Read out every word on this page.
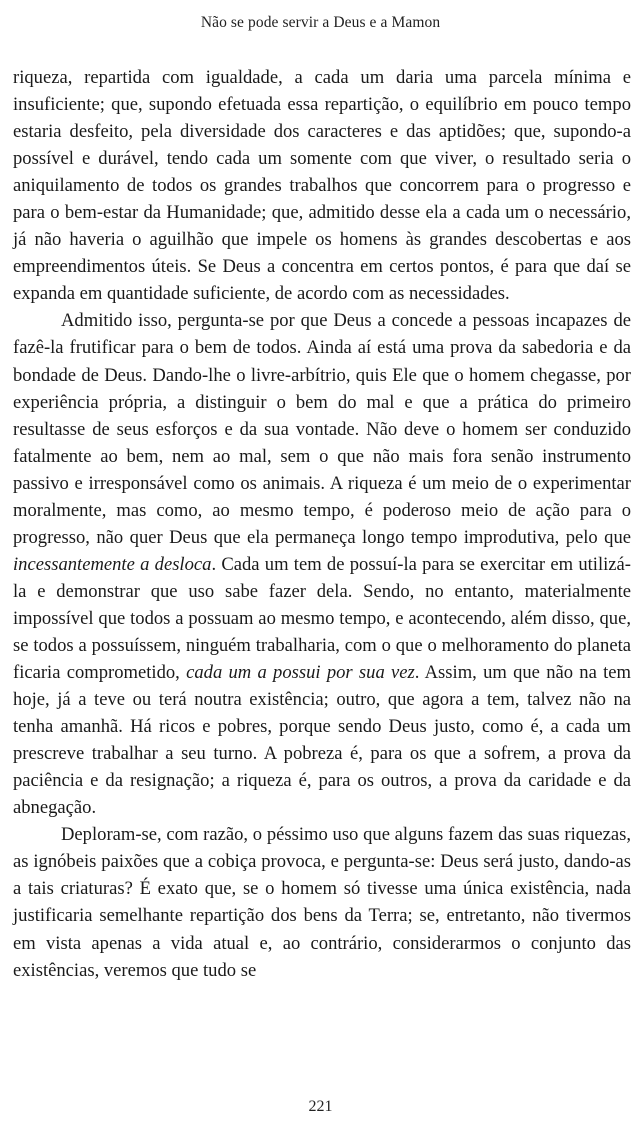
Não se pode servir a Deus e a Mamon

riqueza, repartida com igualdade, a cada um daria uma parcela mínima e insuficiente; que, supondo efetuada essa repartição, o equilíbrio em pouco tempo estaria desfeito, pela diversidade dos caracteres e das aptidões; que, supondo-a possível e durável, tendo cada um somente com que viver, o resultado seria o aniquilamento de todos os grandes trabalhos que concorrem para o progresso e para o bem-estar da Humanidade; que, admitido desse ela a cada um o necessário, já não haveria o aguilhão que impele os homens às grandes descobertas e aos empreendimentos úteis. Se Deus a concentra em certos pontos, é para que daí se expanda em quantidade suficiente, de acordo com as necessidades.

Admitido isso, pergunta-se por que Deus a concede a pessoas incapazes de fazê-la frutificar para o bem de todos. Ainda aí está uma prova da sabedoria e da bondade de Deus. Dando-lhe o livre-arbítrio, quis Ele que o homem chegasse, por experiência própria, a distinguir o bem do mal e que a prática do primeiro resultasse de seus esforços e da sua vontade. Não deve o homem ser conduzido fatalmente ao bem, nem ao mal, sem o que não mais fora senão instrumento passivo e irresponsável como os animais. A riqueza é um meio de o experimentar moralmente, mas como, ao mesmo tempo, é poderoso meio de ação para o progresso, não quer Deus que ela permaneça longo tempo improdutiva, pelo que incessantemente a desloca. Cada um tem de possuí-la para se exercitar em utilizá-la e demonstrar que uso sabe fazer dela. Sendo, no entanto, materialmente impossível que todos a possuam ao mesmo tempo, e acontecendo, além disso, que, se todos a possuíssem, ninguém trabalharia, com o que o melhoramento do planeta ficaria comprometido, cada um a possui por sua vez. Assim, um que não na tem hoje, já a teve ou terá noutra existência; outro, que agora a tem, talvez não na tenha amanhã. Há ricos e pobres, porque sendo Deus justo, como é, a cada um prescreve trabalhar a seu turno. A pobreza é, para os que a sofrem, a prova da paciência e da resignação; a riqueza é, para os outros, a prova da caridade e da abnegação.

Deploram-se, com razão, o péssimo uso que alguns fazem das suas riquezas, as ignóbeis paixões que a cobiça provoca, e pergunta-se: Deus será justo, dando-as a tais criaturas? É exato que, se o homem só tivesse uma única existência, nada justificaria semelhante repartição dos bens da Terra; se, entretanto, não tivermos em vista apenas a vida atual e, ao contrário, considerarmos o conjunto das existências, veremos que tudo se

221
